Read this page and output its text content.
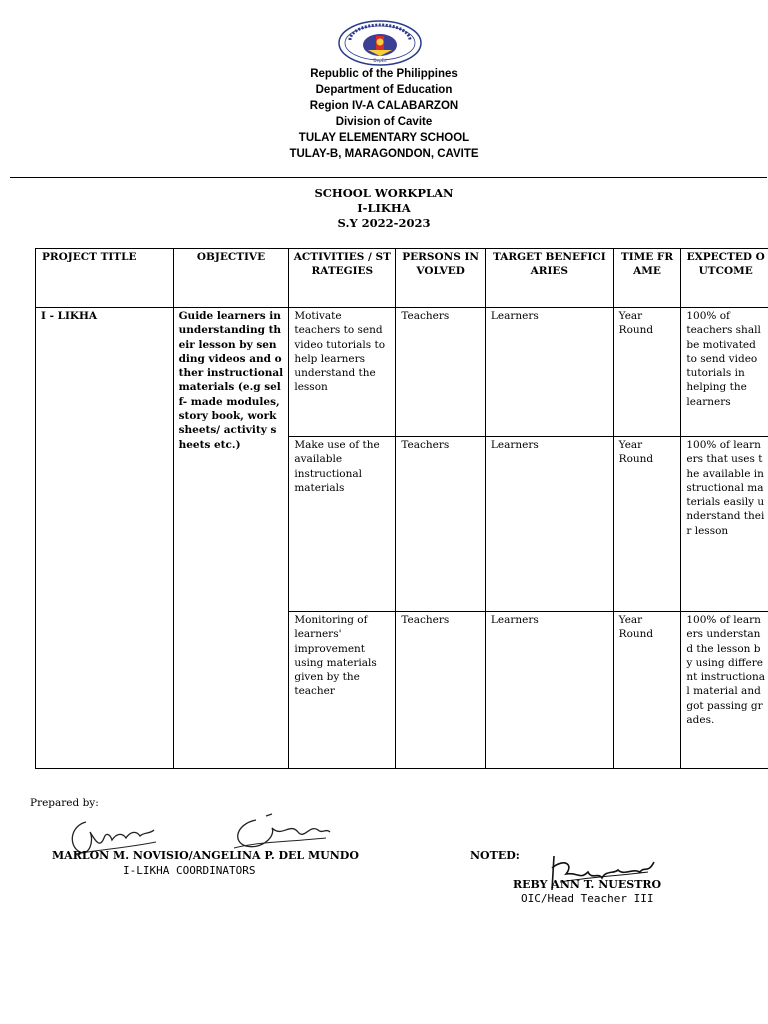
DepEd
Republic of the Philippines
Department of Education
Region IV-A CALABARZON
Division of Cavite
TULAY ELEMENTARY SCHOOL
TULAY-B, MARAGONDON, CAVITE
SCHOOL WORKPLAN
I-LIKHA
S.Y 2022-2023
PROJECT TITLE	OBJECTIVE	ACTIVITIES / STRATEGIES	PERSONS INVOLVED	TARGET BENEFICIARIES	TIME FRAME	EXPECTED OUTCOME
I - LIKHA	Guide learners in understanding their lesson by sending videos and other instructional materials (e.g self- made modules, story book, work sheets/ activity sheets etc.)	Motivate teachers to send video tutorials to help learners understand the lesson	Teachers	Learners	Year Round	100% of teachers shall be motivated to send video tutorials in helping the learners
		Make use of the available instructional materials	Teachers	Learners	Year Round	100% of learners that uses the available instructional materials easily understand their lesson
		Monitoring of learners' improvement using materials given by the teacher	Teachers	Learners	Year Round	100% of learners understand the lesson by using different instructional material and got passing grades.
Prepared by:
MARLON M. NOVISIO/ANGELINA P. DEL MUNDO
I-LIKHA COORDINATORS
NOTED:
REBY ANN T. NUESTRO
OIC/Head Teacher III
